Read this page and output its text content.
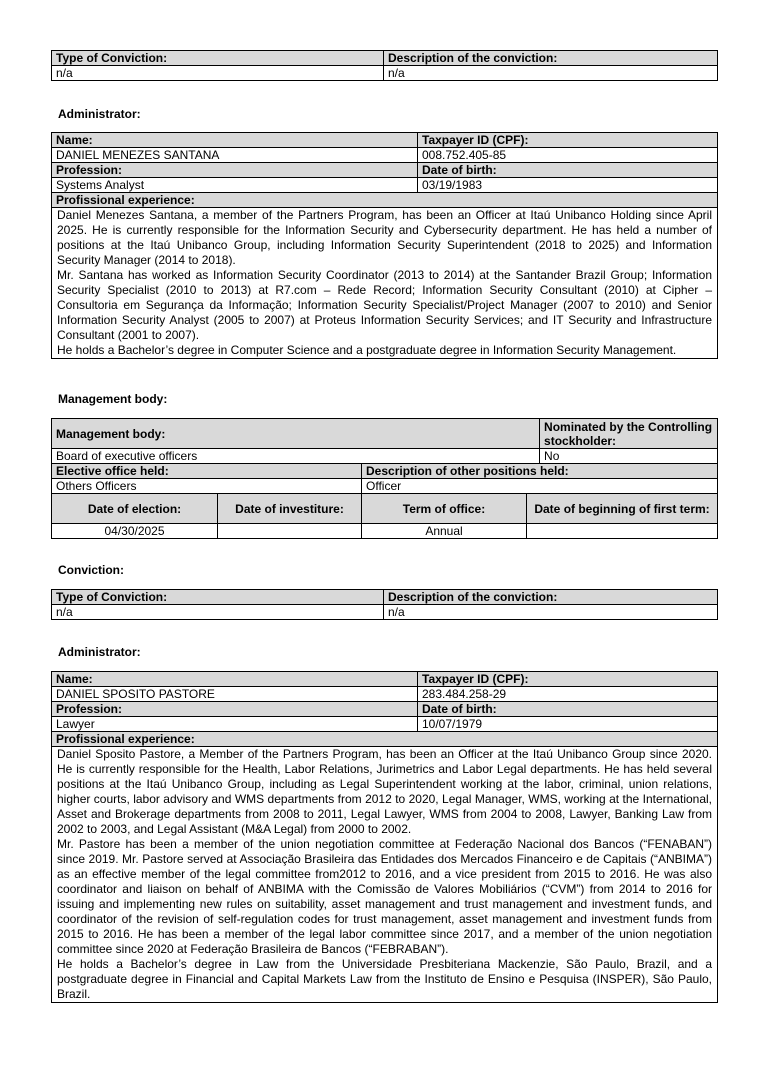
Type of Conviction:	Description of the conviction:
n/a	n/a
Administrator:
Name:	Taxpayer ID (CPF):
DANIEL MENEZES SANTANA	008.752.405-85
Profession:	Date of birth:
Systems Analyst	03/19/1983
Profissional experience:	

Daniel Menezes Santana, a member of the Partners Program, has been an Officer at Itaú Unibanco Holding since April 2025. He is currently responsible for the Information Security and Cybersecurity department. He has held a number of positions at the Itaú Unibanco Group, including Information Security Superintendent (2018 to 2025) and Information Security Manager (2014 to 2018).

Mr. Santana has worked as Information Security Coordinator (2013 to 2014) at the Santander Brazil Group; Information Security Specialist (2010 to 2013) at R7.com – Rede Record; Information Security Consultant (2010) at Cipher – Consultoria em Segurança da Informação; Information Security Specialist/Project Manager (2007 to 2010) and Senior Information Security Analyst (2005 to 2007) at Proteus Information Security Services; and IT Security and Infrastructure Consultant (2001 to 2007).

He holds a Bachelor’s degree in Computer Science and a postgraduate degree in Information Security Management.	

Management body:
Management body:				Nominated by the Controlling stockholder:
Board of executive officers				No
Elective office held:		Description of other positions held:		
Others Officers		Officer		
Date of election:	Date of investiture:	Term of office:	Date of beginning of first term:	
04/30/2025		Annual		
Conviction:
Type of Conviction:	Description of the conviction:
n/a	n/a
Administrator:
Name:	Taxpayer ID (CPF):
DANIEL SPOSITO PASTORE	283.484.258-29
Profession:	Date of birth:
Lawyer	10/07/1979
Profissional experience:	

Daniel Sposito Pastore, a Member of the Partners Program, has been an Officer at the Itaú Unibanco Group since 2020. He is currently responsible for the Health, Labor Relations, Jurimetrics and Labor Legal departments. He has held several positions at the Itaú Unibanco Group, including as Legal Superintendent working at the labor, criminal, union relations, higher courts, labor advisory and WMS departments from 2012 to 2020, Legal Manager, WMS, working at the International, Asset and Brokerage departments from 2008 to 2011, Legal Lawyer, WMS from 2004 to 2008, Lawyer, Banking Law from 2002 to 2003, and Legal Assistant (M&A Legal) from 2000 to 2002.

Mr. Pastore has been a member of the union negotiation committee at Federação Nacional dos Bancos (“FENABAN”) since 2019. Mr. Pastore served at Associação Brasileira das Entidades dos Mercados Financeiro e de Capitais (“ANBIMA”) as an effective member of the legal committee from2012 to 2016, and a vice president from 2015 to 2016. He was also coordinator and liaison on behalf of ANBIMA with the Comissão de Valores Mobiliários (“CVM”) from 2014 to 2016 for issuing and implementing new rules on suitability, asset management and trust management and investment funds, and coordinator of the revision of self-regulation codes for trust management, asset management and investment funds from 2015 to 2016. He has been a member of the legal labor committee since 2017, and a member of the union negotiation committee since 2020 at Federação Brasileira de Bancos (“FEBRABAN”).

He holds a Bachelor’s degree in Law from the Universidade Presbiteriana Mackenzie, São Paulo, Brazil, and a postgraduate degree in Financial and Capital Markets Law from the Instituto de Ensino e Pesquisa (INSPER), São Paulo, Brazil.	
